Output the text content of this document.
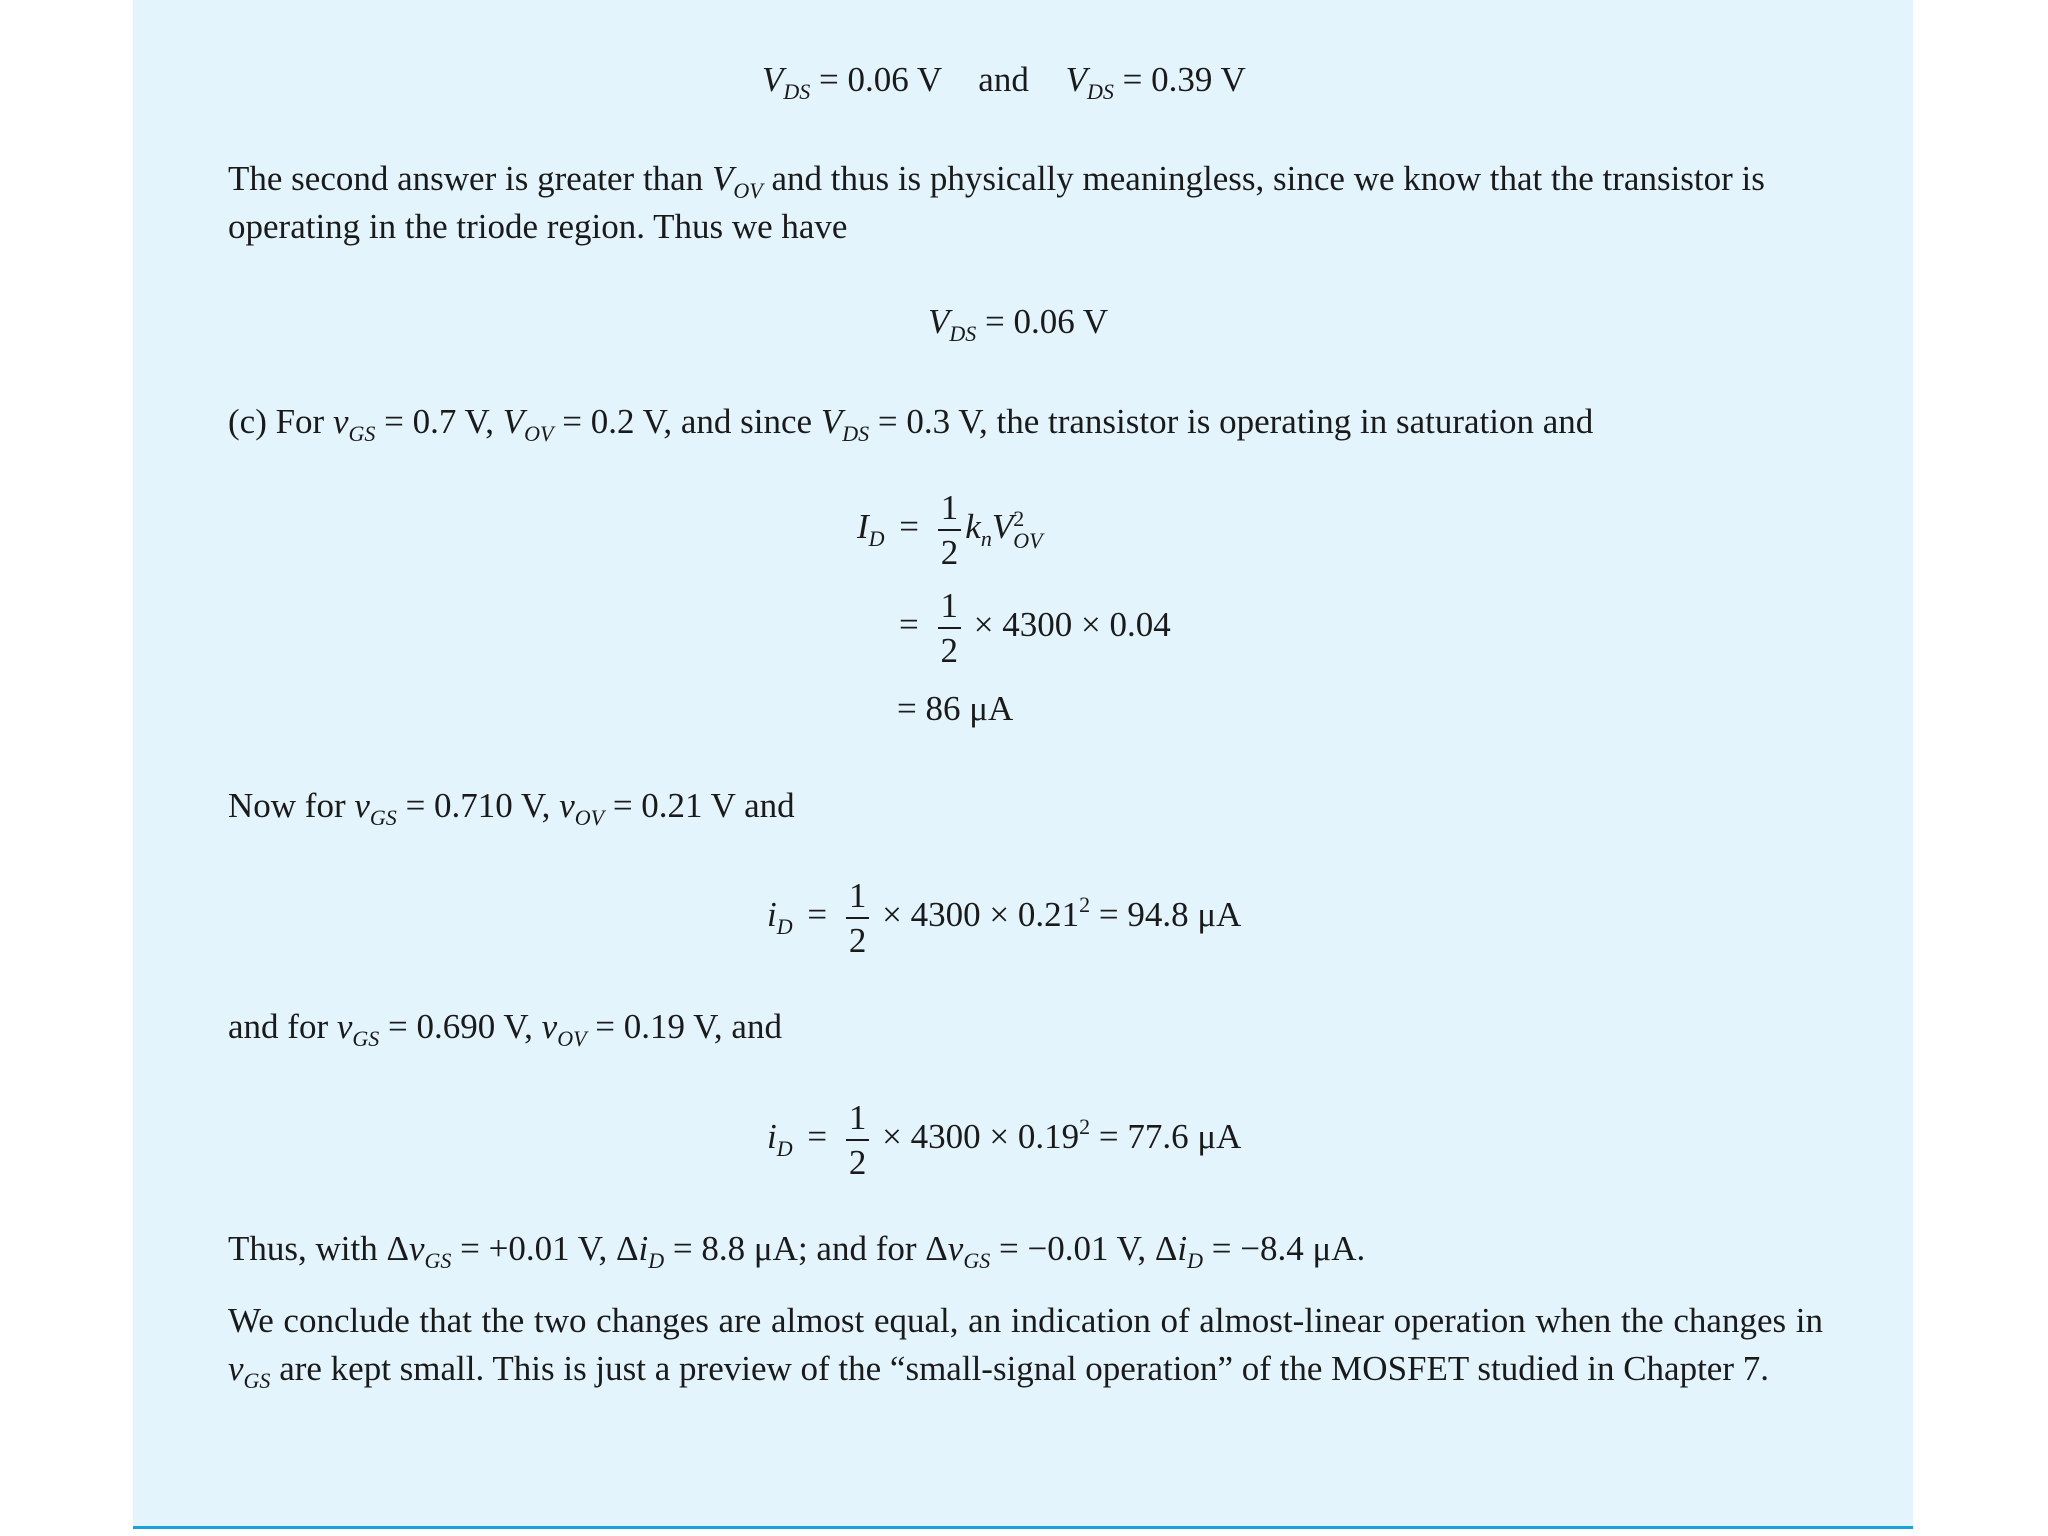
$V_{DS} = 0.06$ V and $V_{DS} = 0.39$ V
The second answer is greater than $V_{OV}$ and thus is physically meaningless, since we know that the transistor is operating in the triode region. Thus we have
$V_{DS} = 0.06$ V
(c) For $v_{GS} = 0.7$ V, $V_{OV} = 0.2$ V, and since $V_{DS} = 0.3$ V, the transistor is operating in saturation and
$I_D = \frac{1}{2} k_nV$ 2
OV
= $\frac{1}{2} \times 4300 \times 0.04$
= 86 μA
Now for $v_{GS} = 0.710$ V, $v_{OV} = 0.21$ V and
$i_D = \frac{1}{2} \times 4300 \times 0.21^2 = 94.8$ μA
and for $v_{GS} = 0.690$ V, $v_{OV} = 0.19$ V, and
$i_D = \frac{1}{2} \times 4300 \times 0.19^2 = 77.6$ μA
Thus, with $\Delta v_{GS} = +0.01$ V, $\Delta i_D = 8.8$ μA; and for $\Delta v_{GS} = -0.01$ V, $\Delta i_D = -8.4$ μA.
We conclude that the two changes are almost equal, an indication of almost-linear operation when the changes in $v_{GS}$ are kept small. This is just a preview of the “small-signal operation” of the MOSFET studied in Chapter 7.
